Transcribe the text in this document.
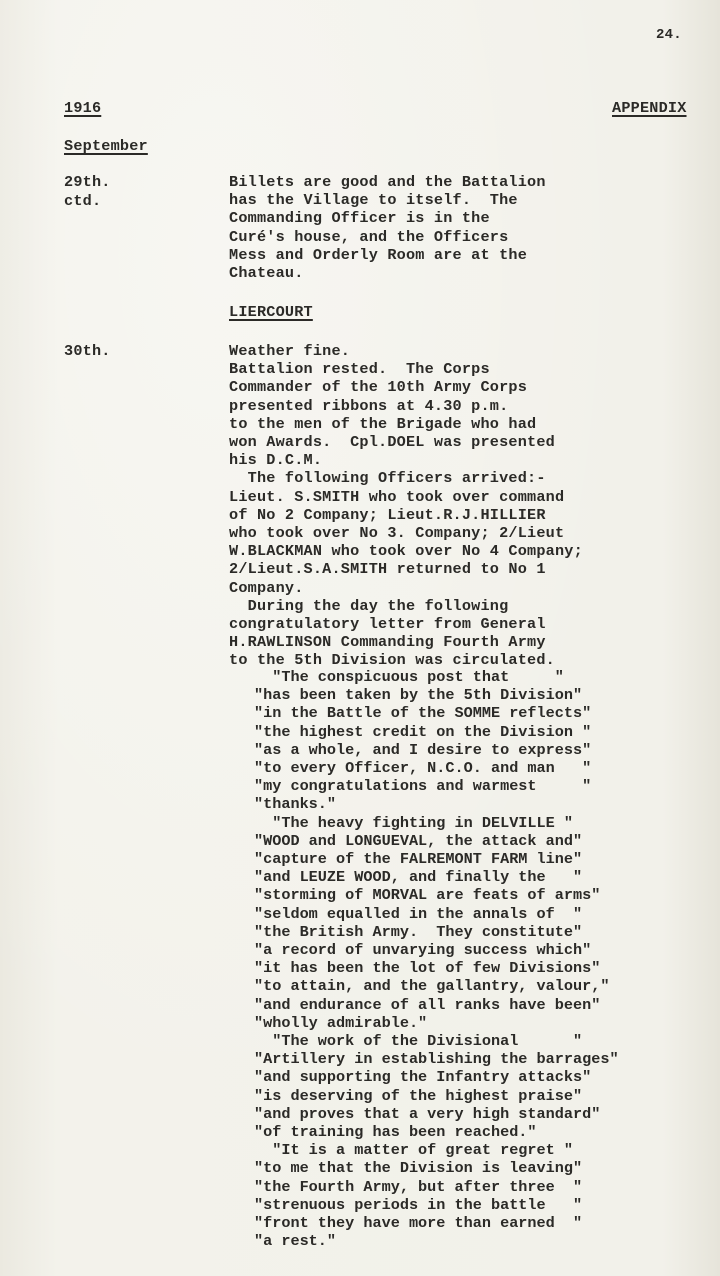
24.
1916	APPENDIX
September
29th.
ctd.
Billets are good and the Battalion
has the Village to itself.  The
Commanding Officer is in the
Curé's house, and the Officers
Mess and Orderly Room are at the
Chateau.
LIERCOURT
30th.	Weather fine.
Battalion rested.  The Corps
Commander of the 10th Army Corps
presented ribbons at 4.30 p.m.
to the men of the Brigade who had
won Awards.  Cpl.DOEL was presented
his D.C.M.
The following Officers arrived:-
Lieut. S.SMITH who took over command
of No 2 Company; Lieut.R.J.HILLIER
who took over No 3. Company; 2/Lieut
W.BLACKMAN who took over No 4 Company;
2/Lieut.S.A.SMITH returned to No 1
Company.
During the day the following
congratulatory letter from General
H.RAWLINSON Commanding Fourth Army
to the 5th Division was circulated.
"The conspicuous post that     "
"has been taken by the 5th Division"
"in the Battle of the SOMME reflects"
"the highest credit on the Division "
"as a whole, and I desire to express"
"to every Officer, N.C.O. and man   "
"my congratulations and warmest     "
"thanks."
"The heavy fighting in DELVILLE "
"WOOD and LONGUEVAL, the attack and"
"capture of the FALREMONT FARM line"
"and LEUZE WOOD, and finally the   "
"storming of MORVAL are feats of arms"
"seldom equalled in the annals of  "
"the British Army.  They constitute"
"a record of unvarying success which"
"it has been the lot of few Divisions"
"to attain, and the gallantry, valour,"
"and endurance of all ranks have been"
"wholly admirable."
"The work of the Divisional      "
"Artillery in establishing the barrages"
"and supporting the Infantry attacks"
"is deserving of the highest praise"
"and proves that a very high standard"
"of training has been reached."
"It is a matter of great regret "
"to me that the Division is leaving"
"the Fourth Army, but after three  "
"strenuous periods in the battle   "
"front they have more than earned  "
"a rest."
